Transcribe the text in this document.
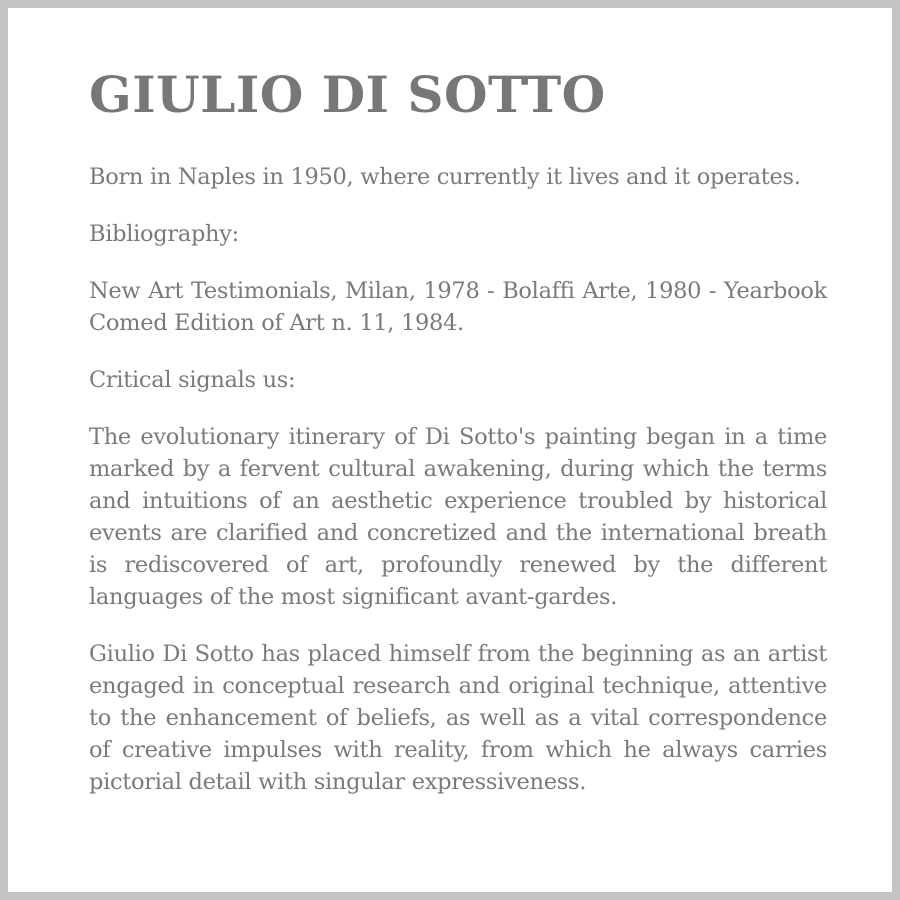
GIULIO DI SOTTO

Born in Naples in 1950, where currently it lives and it operates.

Bibliography:

New Art Testimonials, Milan, 1978 - Bolaffi Arte, 1980 - Yearbook Comed Edition of Art n. 11, 1984.

Critical signals us:

The evolutionary itinerary of Di Sotto's painting began in a time marked by a fervent cultural awakening, during which the terms and intuitions of an aesthetic experience troubled by historical events are clarified and concretized and the international breath is rediscovered of art, profoundly renewed by the different languages of the most significant avant-gardes.

Giulio Di Sotto has placed himself from the beginning as an artist engaged in conceptual research and original technique, attentive to the enhancement of beliefs, as well as a vital correspondence of creative impulses with reality, from which he always carries pictorial detail with singular expressiveness.
